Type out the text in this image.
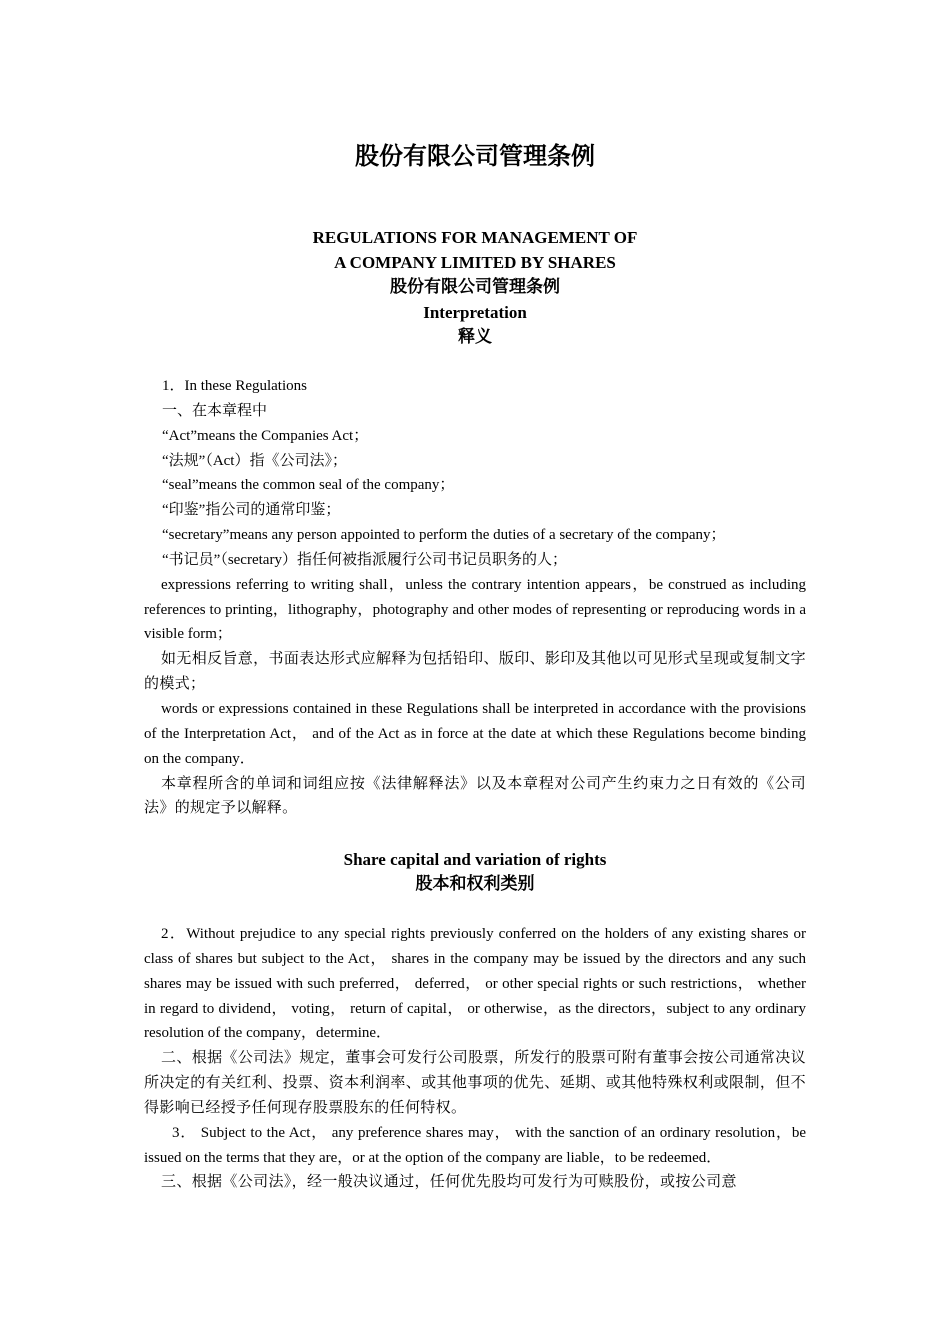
股份有限公司管理条例
REGULATIONS FOR MANAGEMENT OF
A COMPANY LIMITED BY SHARES
股份有限公司管理条例
Interpretation
释义

1．In these Regulations

一、在本章程中

“Act”means the Companies Act；

“法规”（Act）指《公司法》；

“seal”means the common seal of the company；

“印鉴”指公司的通常印鉴；

“secretary”means any person appointed to perform the duties of a secretary of the company；

“书记员”（secretary）指任何被指派履行公司书记员职务的人；

expressions referring to writing shall，unless the contrary intention appears，be construed as including references to printing，lithography，photography and other modes of representing or reproducing words in a visible form；

如无相反旨意，书面表达形式应解释为包括铅印、版印、影印及其他以可见形式呈现或复制文字的模式；

words or expressions contained in these Regulations shall be interpreted in accordance with the provisions of the Interpretation Act， and of the Act as in force at the date at which these Regulations become binding on the company．

本章程所含的单词和词组应按《法律解释法》以及本章程对公司产生约束力之日有效的《公司法》的规定予以解释。

Share capital and variation of rights
股本和权利类别

2．Without prejudice to any special rights previously conferred on the holders of any existing shares or class of shares but subject to the Act， shares in the company may be issued by the directors and any such shares may be issued with such preferred， deferred， or other special rights or such restrictions， whether in regard to dividend， voting， return of capital， or otherwise，as the directors，subject to any ordinary resolution of the company，determine．

二、根据《公司法》规定，董事会可发行公司股票，所发行的股票可附有董事会按公司通常决议所决定的有关红利、投票、资本利润率、或其他事项的优先、延期、或其他特殊权利或限制，但不得影响已经授予任何现存股票股东的任何特权。

3． Subject to the Act， any preference shares may， with the sanction of an ordinary resolution，be issued on the terms that they are，or at the option of the company are liable，to be redeemed．

三、根据《公司法》，经一般决议通过，任何优先股均可发行为可赎股份，或按公司意
